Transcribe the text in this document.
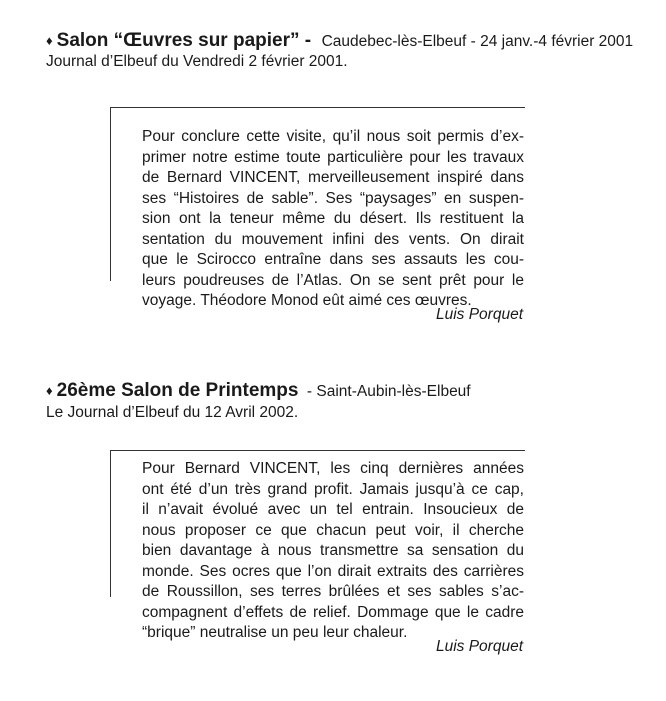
♦ Salon “Œuvres sur papier” - Caudebec-lès-Elbeuf - 24 janv.-4 février 2001
Journal d’Elbeuf du Vendredi 2 février 2001.
Pour conclure cette visite, qu’il nous soit permis d’ex-
primer notre estime toute particulière pour les travaux
de Bernard VINCENT, merveilleusement inspiré dans
ses “Histoires de sable”. Ses “paysages” en suspen-
sion ont la teneur même du désert. Ils restituent la
sentation du mouvement infini des vents. On dirait
que le Scirocco entraîne dans ses assauts les cou-
leurs poudreuses de l’Atlas. On se sent prêt pour le
voyage. Théodore Monod eût aimé ces œuvres.
Luis Porquet
♦ 26ème Salon de Printemps - Saint-Aubin-lès-Elbeuf
Le Journal d’Elbeuf du 12 Avril 2002.
Pour Bernard VINCENT, les cinq dernières années
ont été d’un très grand profit. Jamais jusqu’à ce cap,
il n’avait évolué avec un tel entrain. Insoucieux de
nous proposer ce que chacun peut voir, il cherche
bien davantage à nous transmettre sa sensation du
monde. Ses ocres que l’on dirait extraits des carrières
de Roussillon, ses terres brûlées et ses sables s’ac-
compagnent d’effets de relief. Dommage que le cadre
“brique” neutralise un peu leur chaleur.
Luis Porquet
